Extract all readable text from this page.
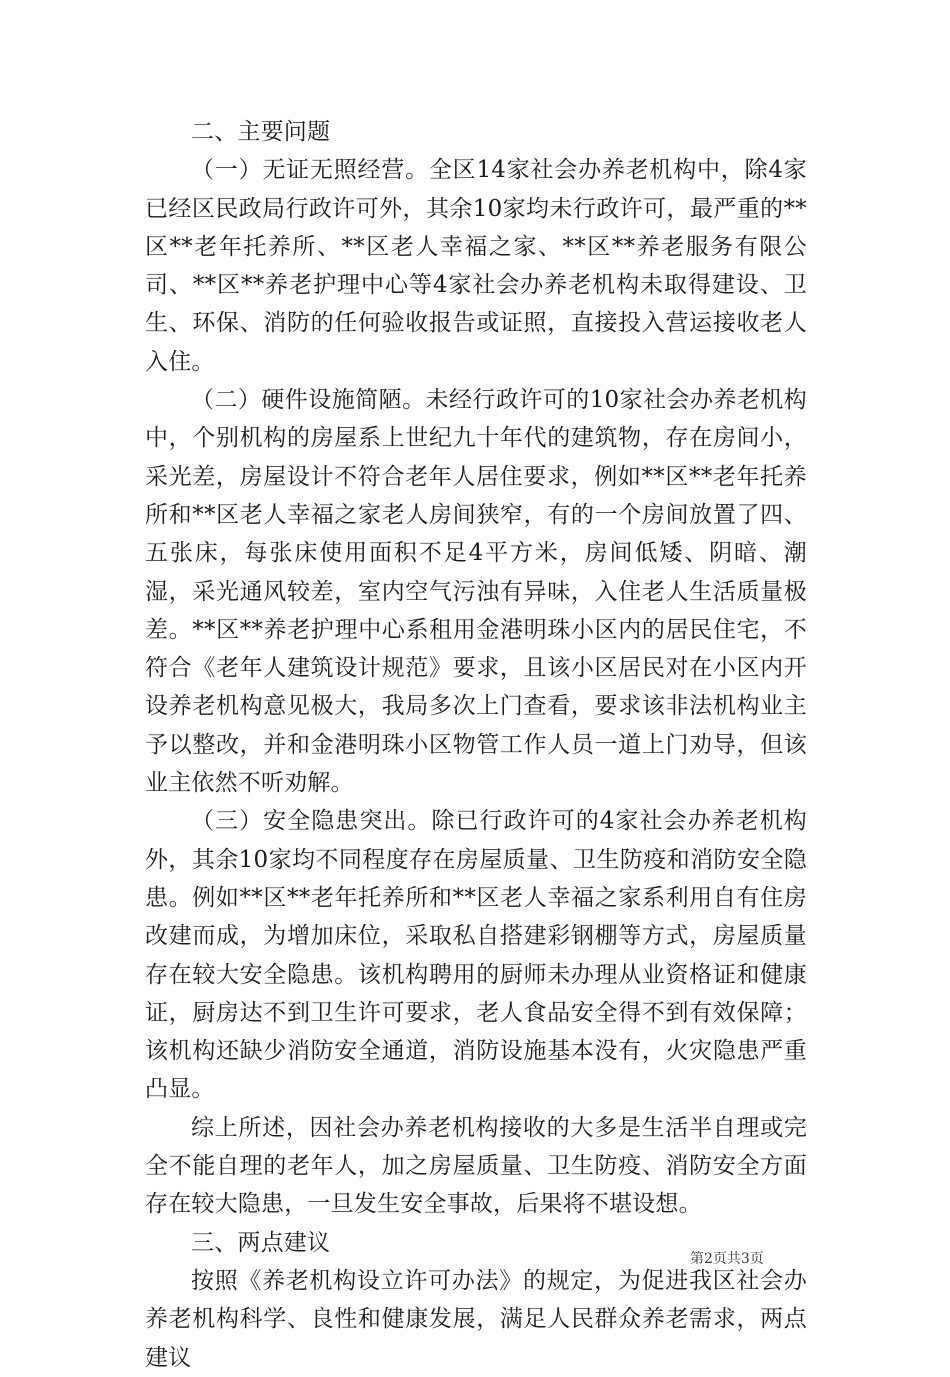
二、主要问题

（一）无证无照经营。全区14家社会办养老机构中，除4家已经区民政局行政许可外，其余10家均未行政许可，最严重的**区**老年托养所、**区老人幸福之家、**区**养老服务有限公司、**区**养老护理中心等4家社会办养老机构未取得建设、卫生、环保、消防的任何验收报告或证照，直接投入营运接收老人入住。

（二）硬件设施简陋。未经行政许可的10家社会办养老机构中，个别机构的房屋系上世纪九十年代的建筑物，存在房间小，采光差，房屋设计不符合老年人居住要求，例如**区**老年托养所和**区老人幸福之家老人房间狭窄，有的一个房间放置了四、五张床，每张床使用面积不足4平方米，房间低矮、阴暗、潮湿，采光通风较差，室内空气污浊有异味，入住老人生活质量极差。**区**养老护理中心系租用金港明珠小区内的居民住宅，不符合《老年人建筑设计规范》要求，且该小区居民对在小区内开设养老机构意见极大，我局多次上门查看，要求该非法机构业主予以整改，并和金港明珠小区物管工作人员一道上门劝导，但该业主依然不听劝解。

（三）安全隐患突出。除已行政许可的4家社会办养老机构外，其余10家均不同程度存在房屋质量、卫生防疫和消防安全隐患。例如**区**老年托养所和**区老人幸福之家系利用自有住房改建而成，为增加床位，采取私自搭建彩钢棚等方式，房屋质量存在较大安全隐患。该机构聘用的厨师未办理从业资格证和健康证，厨房达不到卫生许可要求，老人食品安全得不到有效保障；该机构还缺少消防安全通道，消防设施基本没有，火灾隐患严重凸显。

综上所述，因社会办养老机构接收的大多是生活半自理或完全不能自理的老年人，加之房屋质量、卫生防疫、消防安全方面存在较大隐患，一旦发生安全事故，后果将不堪设想。

三、两点建议

按照《养老机构设立许可办法》的规定，为促进我区社会办养老机构科学、良性和健康发展，满足人民群众养老需求，两点建议

第2页共3页
